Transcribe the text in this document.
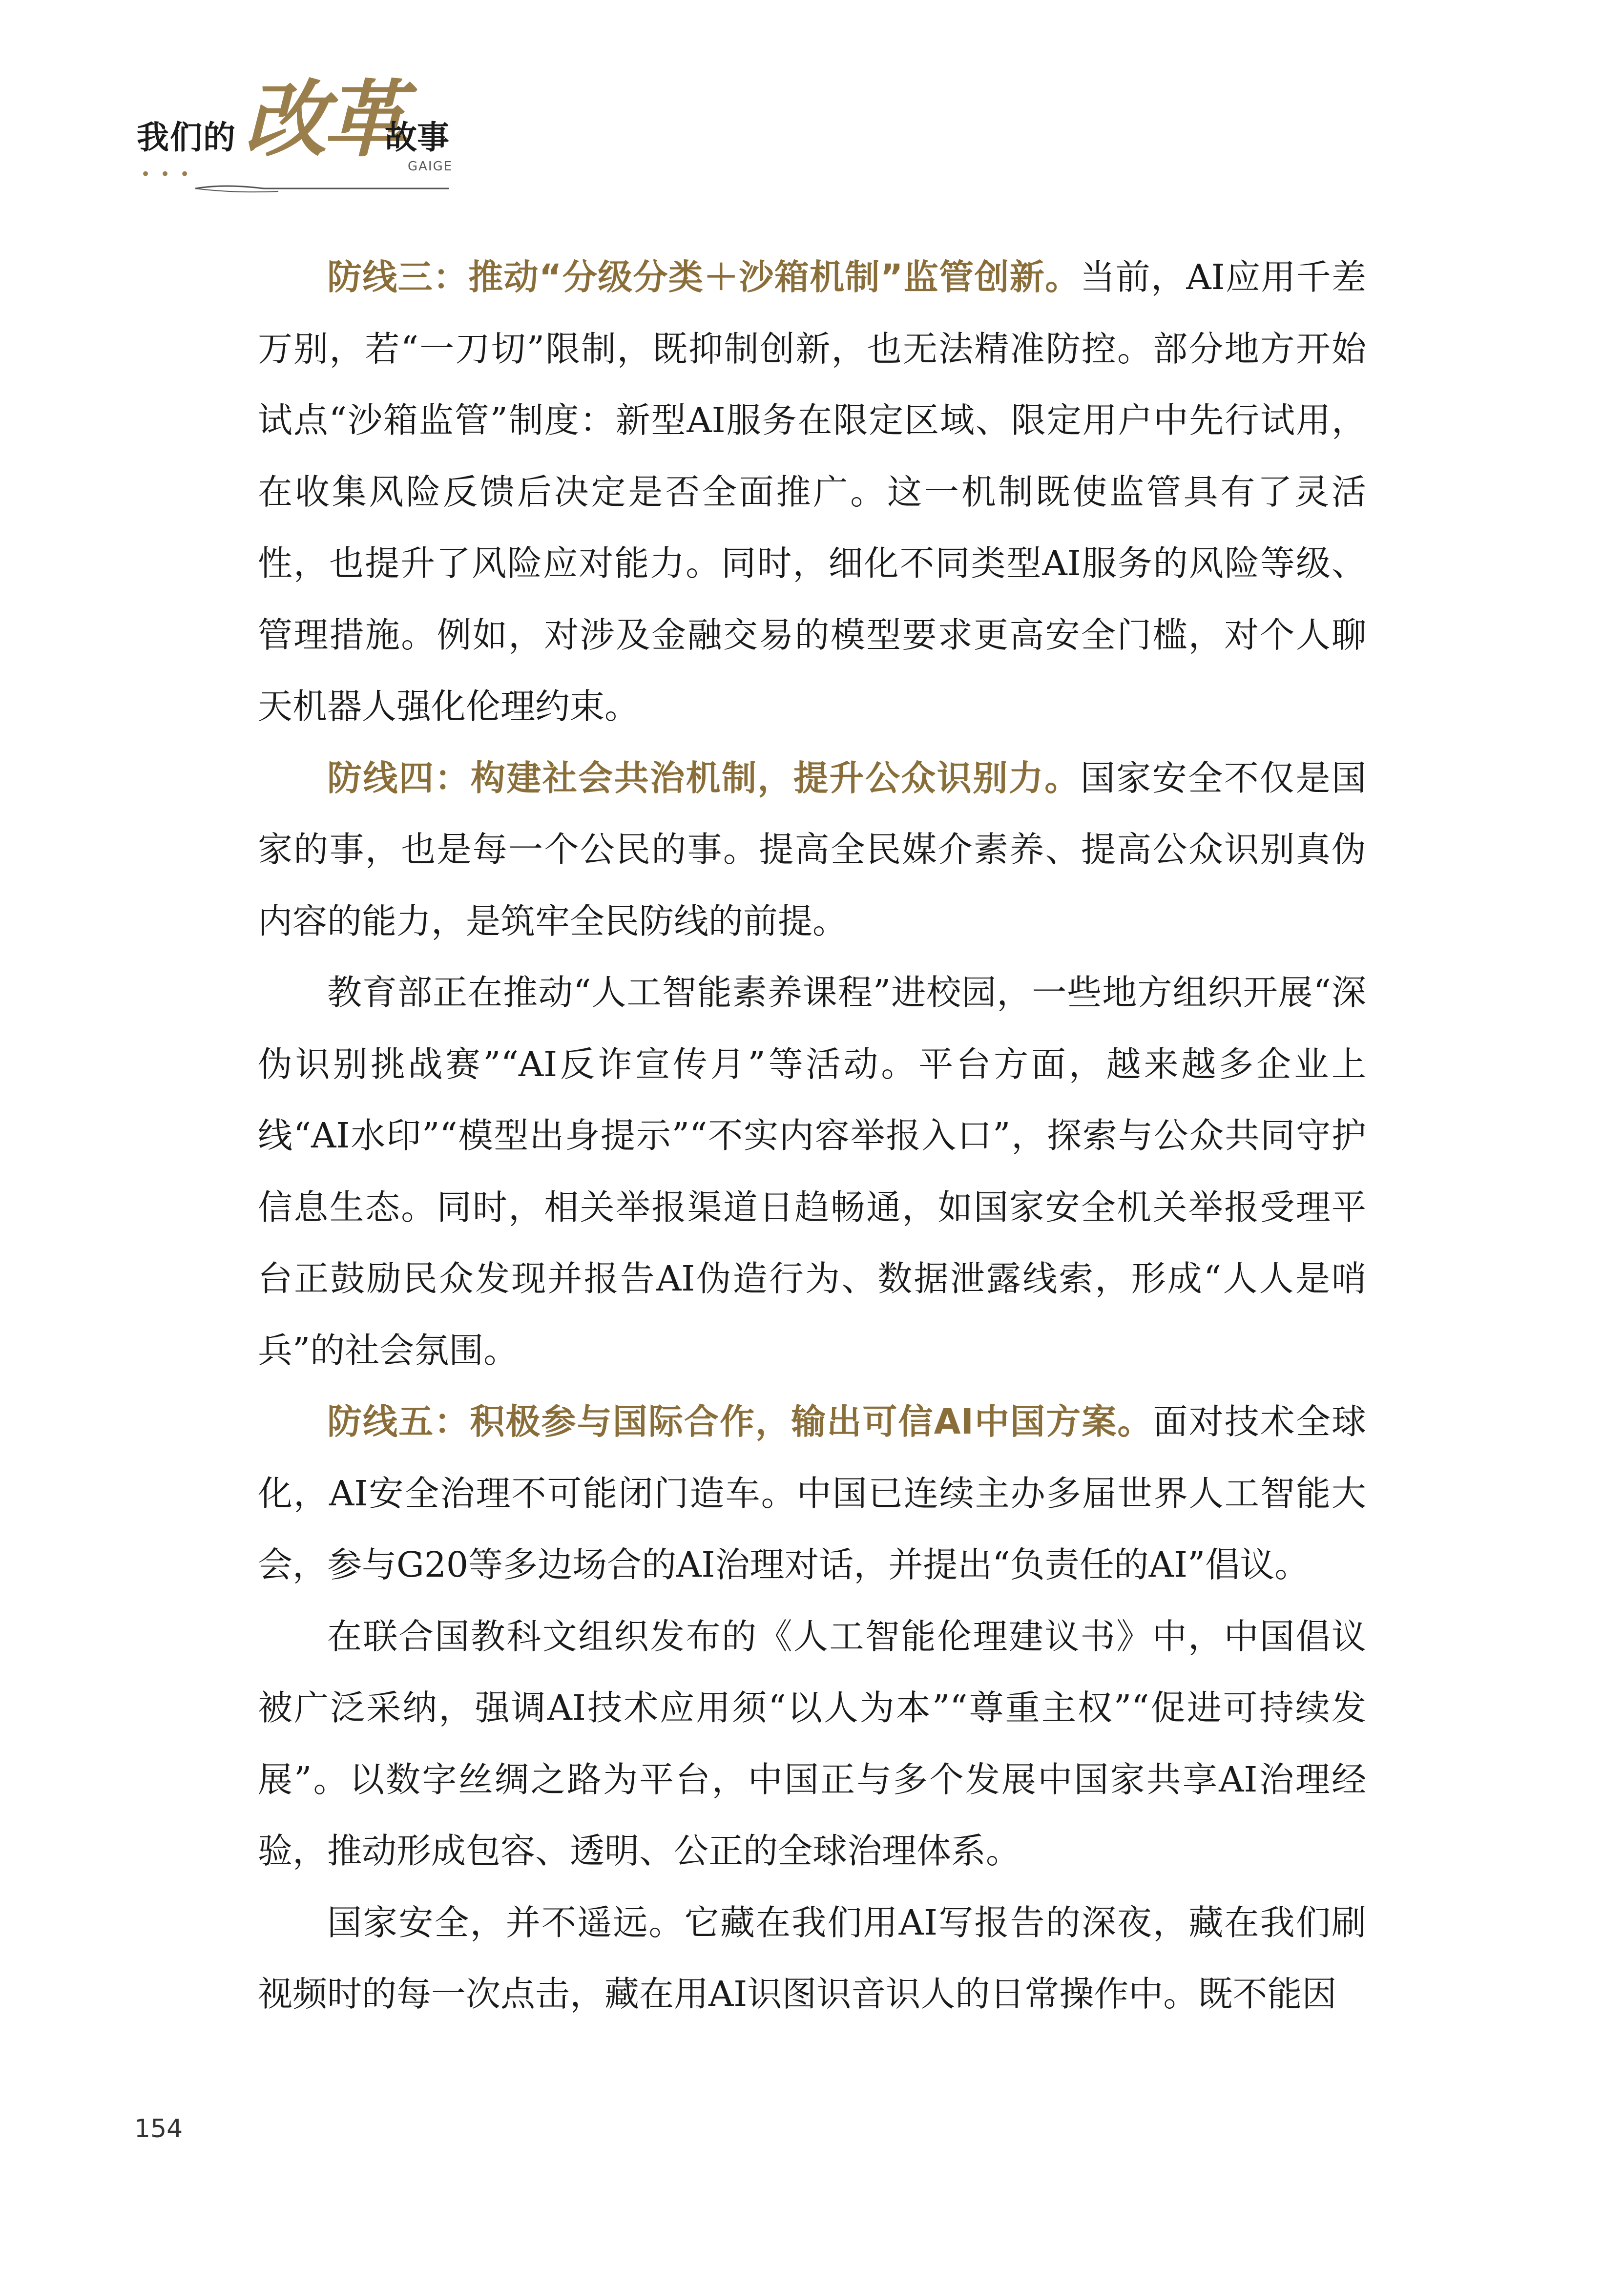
我们的 改革
故事
GAIGE
•••

防线三：推动“分级分类＋沙箱机制”监管创新。当前，AI应用千差万别，若“一刀切”限制，既抑制创新，也无法精准防控。部分地方开始试点“沙箱监管”制度：新型AI服务在限定区域、限定用户中先行试用，在收集风险反馈后决定是否全面推广。这一机制既使监管具有了灵活性，也提升了风险应对能力。同时，细化不同类型AI服务的风险等级、管理措施。例如，对涉及金融交易的模型要求更高安全门槛，对个人聊天机器人强化伦理约束。

防线四：构建社会共治机制，提升公众识别力。国家安全不仅是国家的事，也是每一个公民的事。提高全民媒介素养、提高公众识别真伪内容的能力，是筑牢全民防线的前提。

教育部正在推动“人工智能素养课程”进校园，一些地方组织开展“深伪识别挑战赛”“AI反诈宣传月”等活动。平台方面，越来越多企业上线“AI水印”“模型出身提示”“不实内容举报入口”，探索与公众共同守护信息生态。同时，相关举报渠道日趋畅通，如国家安全机关举报受理平台正鼓励民众发现并报告AI伪造行为、数据泄露线索，形成“人人是哨兵”的社会氛围。

防线五：积极参与国际合作，输出可信AI中国方案。面对技术全球化，AI安全治理不可能闭门造车。中国已连续主办多届世界人工智能大会，参与G20等多边场合的AI治理对话，并提出“负责任的AI”倡议。

在联合国教科文组织发布的《人工智能伦理建议书》中，中国倡议被广泛采纳，强调AI技术应用须“以人为本”“尊重主权”“促进可持续发展”。以数字丝绸之路为平台，中国正与多个发展中国家共享AI治理经验，推动形成包容、透明、公正的全球治理体系。

国家安全，并不遥远。它藏在我们用AI写报告的深夜，藏在我们刷视频时的每一次点击，藏在用AI识图识音识人的日常操作中。既不能因

154
